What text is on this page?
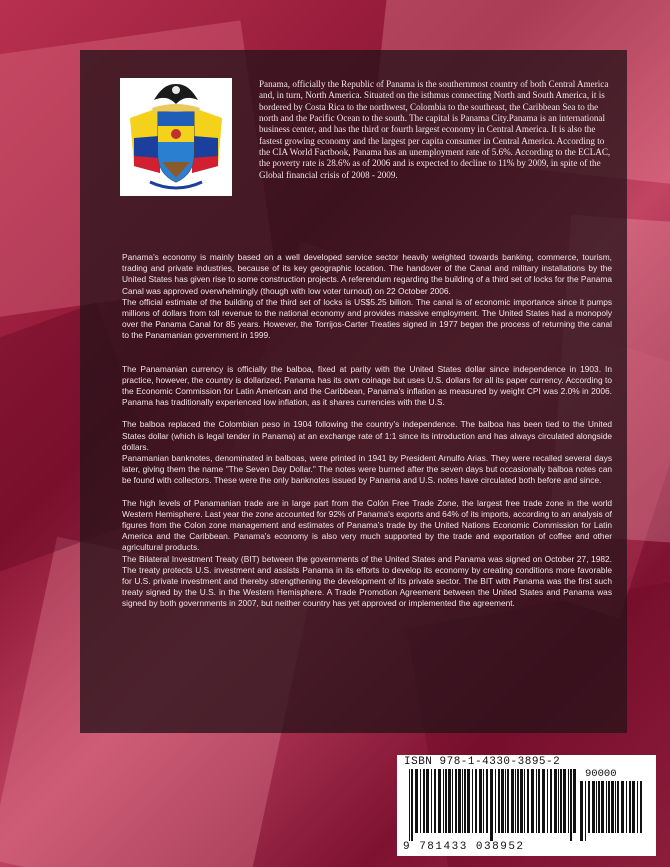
Panama, officially the Republic of Panama is the southernmost country of both Central America and, in turn, North America. Situated on the isthmus connecting North and South America, it is bordered by Costa Rica to the northwest, Colombia to the southeast, the Caribbean Sea to the north and the Pacific Ocean to the south. The capital is Panama City.Panama is an international business center, and has the third or fourth largest economy in Central America. It is also the fastest growing economy and the largest per capita consumer in Central America. According to the CIA World Factbook, Panama has an unemployment rate of 5.6%. According to the ECLAC, the poverty rate is 28.6% as of 2006 and is expected to decline to 11% by 2009, in spite of the Global financial crisis of 2008 - 2009.

Panama's economy is mainly based on a well developed service sector heavily weighted towards banking, commerce, tourism, trading and private industries, because of its key geographic location. The handover of the Canal and military installations by the United States has given rise to some construction projects. A referendum regarding the building of a third set of locks for the Panama Canal was approved overwhelmingly (though with low voter turnout) on 22 October 2006.

The official estimate of the building of the third set of locks is US$5.25 billion. The canal is of economic importance since it pumps millions of dollars from toll revenue to the national economy and provides massive employment. The United States had a monopoly over the Panama Canal for 85 years. However, the Torrijos-Carter Treaties signed in 1977 began the process of returning the canal to the Panamanian government in 1999.

The Panamanian currency is officially the balboa, fixed at parity with the United States dollar since independence in 1903. In practice, however, the country is dollarized; Panama has its own coinage but uses U.S. dollars for all its paper currency. According to the Economic Commission for Latin American and the Caribbean, Panama's inflation as measured by weight CPI was 2.0% in 2006. Panama has traditionally experienced low inflation, as it shares currencies with the U.S.

The balboa replaced the Colombian peso in 1904 following the country's independence. The balboa has been tied to the United States dollar (which is legal tender in Panama) at an exchange rate of 1:1 since its introduction and has always circulated alongside dollars.

Panamanian banknotes, denominated in balboas, were printed in 1941 by President Arnulfo Arias. They were recalled several days later, giving them the name "The Seven Day Dollar." The notes were burned after the seven days but occasionally balboa notes can be found with collectors. These were the only banknotes issued by Panama and U.S. notes have circulated both before and since.

The high levels of Panamanian trade are in large part from the Colón Free Trade Zone, the largest free trade zone in the world Western Hemisphere. Last year the zone accounted for 92% of Panama's exports and 64% of its imports, according to an analysis of figures from the Colon zone management and estimates of Panama's trade by the United Nations Economic Commission for Latin America and the Caribbean. Panama's economy is also very much supported by the trade and exportation of coffee and other agricultural products.

The Bilateral Investment Treaty (BIT) between the governments of the United States and Panama was signed on October 27, 1982. The treaty protects U.S. investment and assists Panama in its efforts to develop its economy by creating conditions more favorable for U.S. private investment and thereby strengthening the development of its private sector. The BIT with Panama was the first such treaty signed by the U.S. in the Western Hemisphere. A Trade Promotion Agreement between the United States and Panama was signed by both governments in 2007, but neither country has yet approved or implemented the agreement.

ISBN 978-1-4330-3895-2
90000
9 781433 038952
